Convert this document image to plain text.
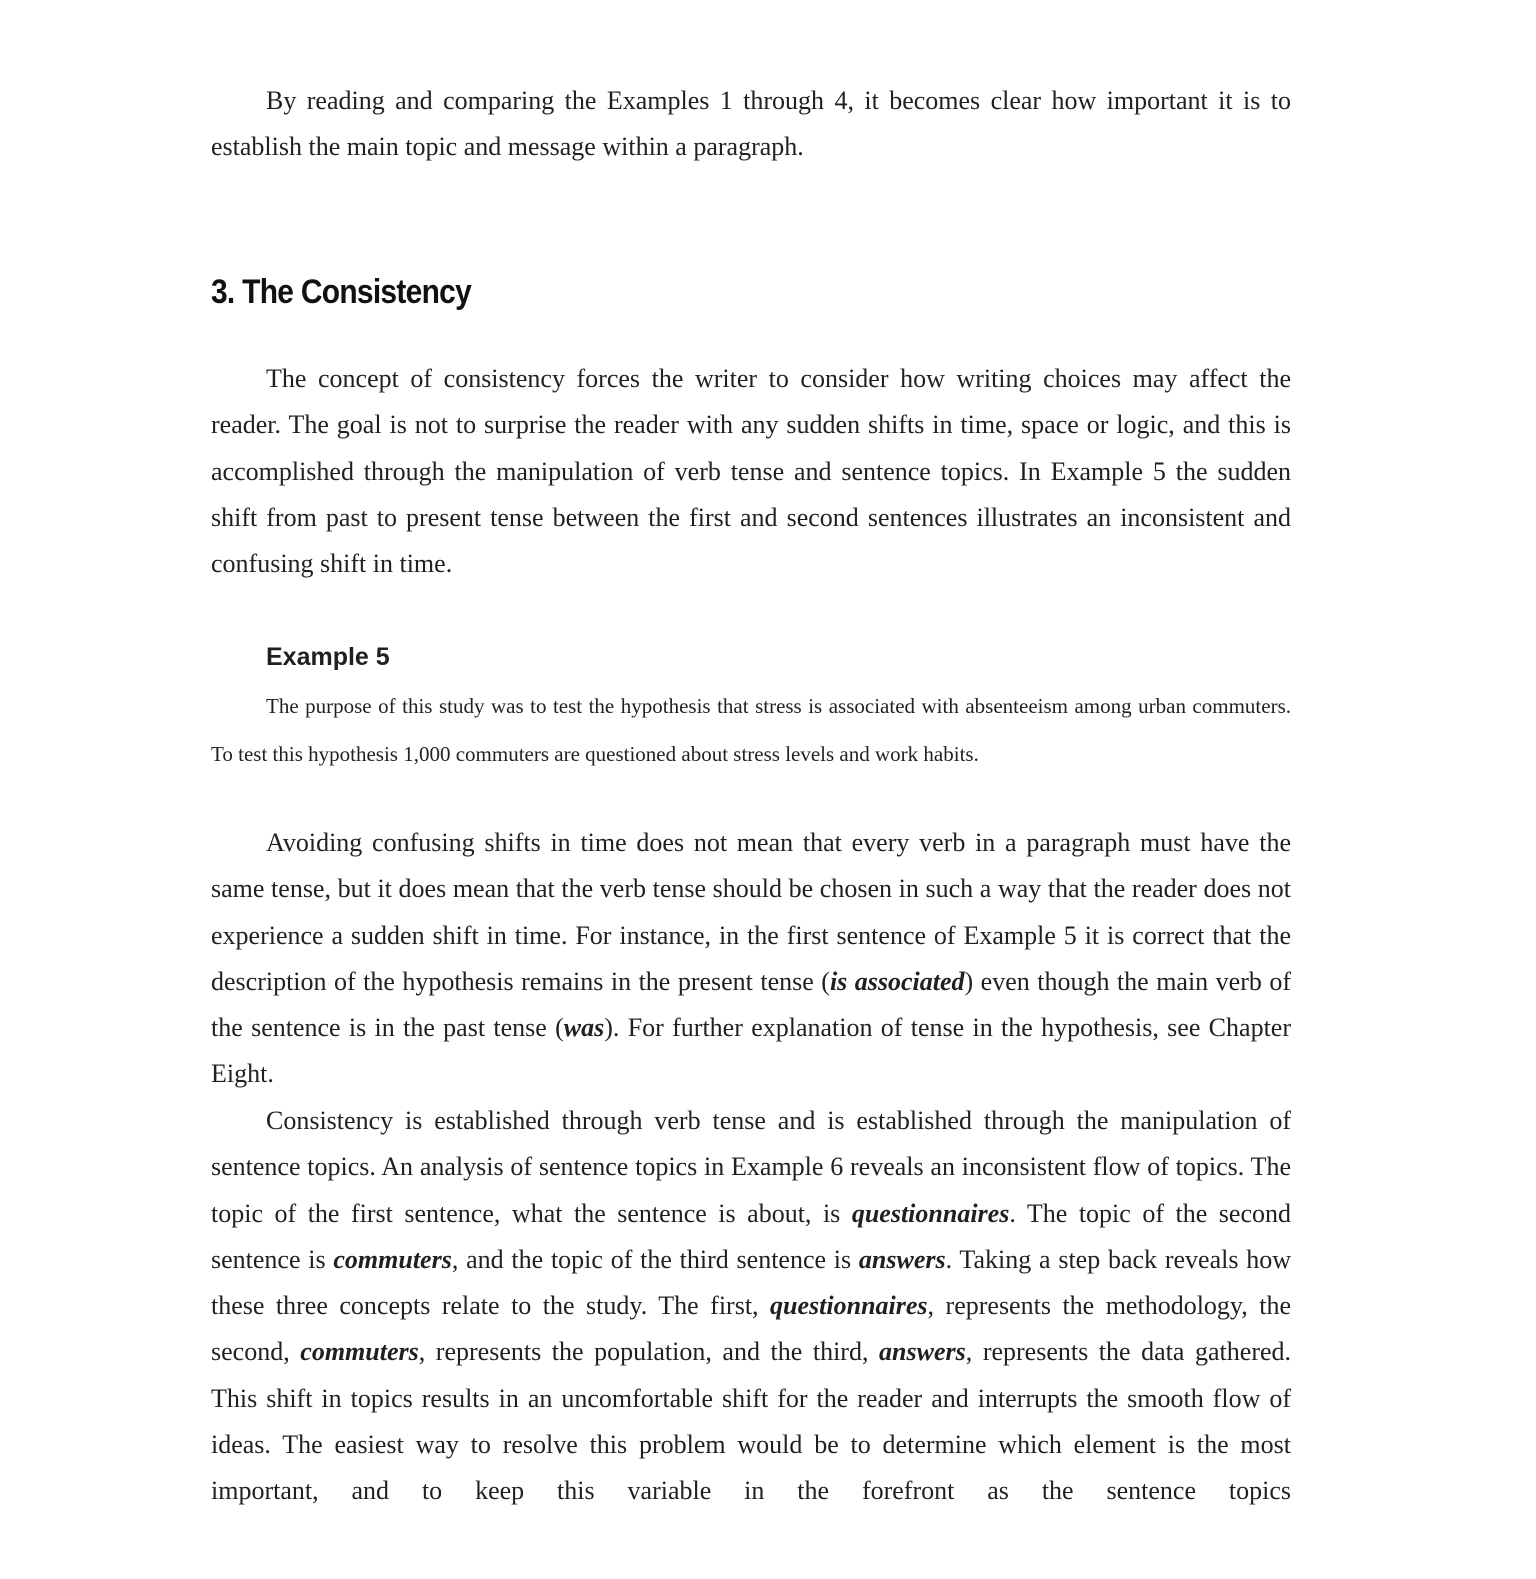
By reading and comparing the Examples 1 through 4, it becomes clear how important it is to establish the main topic and message within a paragraph.

3. The Consistency

The concept of consistency forces the writer to consider how writing choices may affect the reader. The goal is not to surprise the reader with any sudden shifts in time, space or logic, and this is accomplished through the manipulation of verb tense and sentence topics. In Example 5 the sudden shift from past to present tense between the first and second sentences illustrates an inconsistent and confusing shift in time.

Example 5

The purpose of this study was to test the hypothesis that stress is associated with absenteeism among urban commuters. To test this hypothesis 1,000 commuters are questioned about stress levels and work habits.

Avoiding confusing shifts in time does not mean that every verb in a paragraph must have the same tense, but it does mean that the verb tense should be chosen in such a way that the reader does not experience a sudden shift in time. For instance, in the first sentence of Example 5 it is correct that the description of the hypothesis remains in the present tense (is associated) even though the main verb of the sentence is in the past tense (was). For further explanation of tense in the hypothesis, see Chapter Eight.

Consistency is established through verb tense and is established through the manipulation of sentence topics. An analysis of sentence topics in Example 6 reveals an inconsistent flow of topics. The topic of the first sentence, what the sentence is about, is questionnaires. The topic of the second sentence is commuters, and the topic of the third sentence is answers. Taking a step back reveals how these three concepts relate to the study. The first, questionnaires, represents the methodology, the second, commuters, represents the population, and the third, answers, represents the data gathered. This shift in topics results in an uncomfortable shift for the reader and interrupts the smooth flow of ideas. The easiest way to resolve this problem would be to determine which element is the most important, and to keep this variable in the forefront as the sentence topics
